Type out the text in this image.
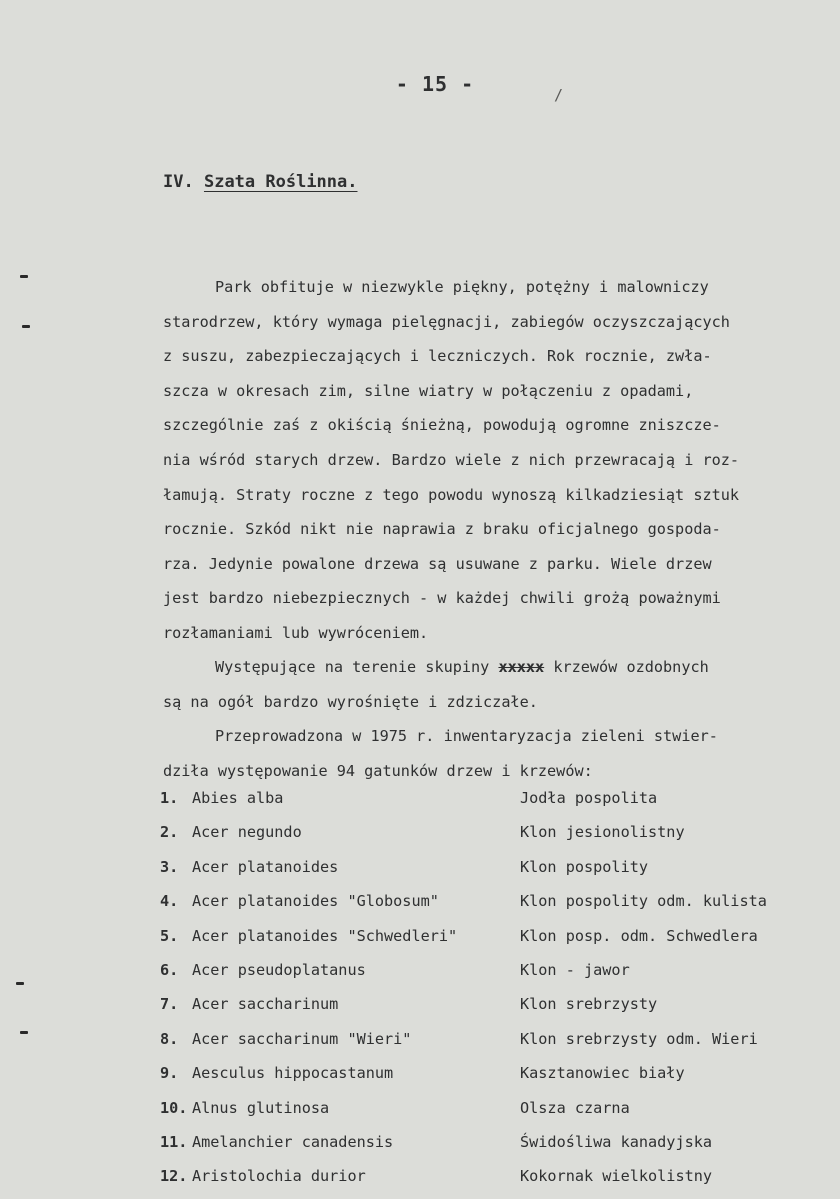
- 15 -	/
IV. Szata Roślinna.
Park obfituje w niezwykle piękny, potężny i malowniczy
starodrzew, który wymaga pielęgnacji, zabiegów oczyszczających
z suszu, zabezpieczających i leczniczych. Rok rocznie, zwła-
szcza w okresach zim, silne wiatry w połączeniu z opadami,
szczególnie zaś z okiścią śnieżną, powodują ogromne zniszcze-
nia wśród starych drzew. Bardzo wiele z nich przewracają i roz-
łamują. Straty roczne z tego powodu wynoszą kilkadziesiąt sztuk
rocznie. Szkód nikt nie naprawia z braku oficjalnego gospoda-
rza. Jedynie powalone drzewa są usuwane z parku. Wiele drzew
jest bardzo niebezpiecznych - w każdej chwili grożą poważnymi
rozłamaniami lub wywróceniem.
Występujące na terenie skupiny xxxxx krzewów ozdobnych
są na ogół bardzo wyrośnięte i zdziczałe.
Przeprowadzona w 1975 r. inwentaryzacja zieleni stwier-
dziła występowanie 94 gatunków drzew i krzewów:
1. Abies alba	Jodła pospolita
2. Acer negundo	Klon jesionolistny
3. Acer platanoides	Klon pospolity
4. Acer platanoides "Globosum"	Klon pospolity odm. kulista
5. Acer platanoides "Schwedleri"	Klon posp. odm. Schwedlera
6. Acer pseudoplatanus	Klon - jawor
7. Acer saccharinum	Klon srebrzysty
8. Acer saccharinum "Wieri"	Klon srebrzysty odm. Wieri
9. Aesculus hippocastanum	Kasztanowiec biały
10. Alnus glutinosa	Olsza czarna
11. Amelanchier canadensis	Świdośliwa kanadyjska
12. Aristolochia durior	Kokornak wielkolistny
